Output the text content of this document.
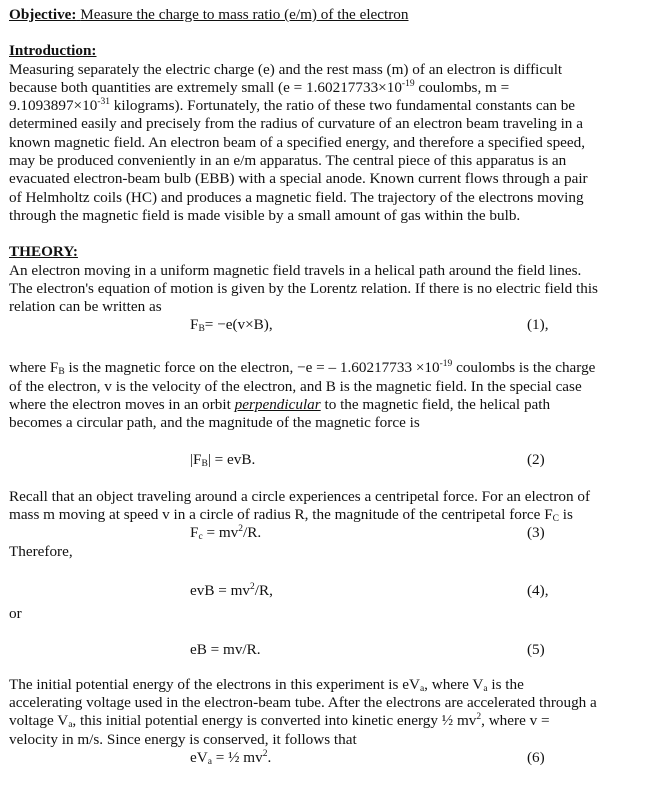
Objective: Measure the charge to mass ratio (e/m) of the electron

Introduction:

Measuring separately the electric charge (e) and the rest mass (m) of an electron is difficult

because both quantities are extremely small ($e = 1.60217733\times 10^{-19}$ coulombs, m =

$9.1093897\times 10^{-31}$ kilograms). Fortunately, the ratio of these two fundamental constants can be

determined easily and precisely from the radius of curvature of an electron beam traveling in a

known magnetic field. An electron beam of a specified energy, and therefore a specified speed,

may be produced conveniently in an e/m apparatus. The central piece of this apparatus is an

evacuated electron-beam bulb (EBB) with a special anode. Known current flows through a pair

of Helmholtz coils (HC) and produces a magnetic field. The trajectory of the electrons moving

through the magnetic field is made visible by a small amount of gas within the bulb.

THEORY:

An electron moving in a uniform magnetic field travels in a helical path around the field lines.

The electron's equation of motion is given by the Lorentz relation. If there is no electric field this

relation can be written as

$F_B= -e(v\times B)$,	(1),

where $F_B$ is the magnetic force on the electron, −e = – $1.60217733 \times 10^{-19}$ coulombs is the charge

of the electron, v is the velocity of the electron, and B is the magnetic field. In the special case

where the electron moves in an orbit perpendicular to the magnetic field, the helical path

becomes a circular path, and the magnitude of the magnetic force is

$|F_B|$ = evB.	(2)

Recall that an object traveling around a circle experiences a centripetal force. For an electron of

mass m moving at speed v in a circle of radius R, the magnitude of the centripetal force $F_C$ is

$F_c = mv^2/R$.	(3)

Therefore,

evB = $mv^2/R$,	(4),

or

eB = mv/R.	(5)

The initial potential energy of the electrons in this experiment is $eV_a$, where $V_a$ is the

accelerating voltage used in the electron-beam tube. After the electrons are accelerated through a

voltage $V_a$, this initial potential energy is converted into kinetic energy ½ $mv^2$, where v =

velocity in m/s. Since energy is conserved, it follows that

$eV_a$ = ½ $mv^2$.	(6)
